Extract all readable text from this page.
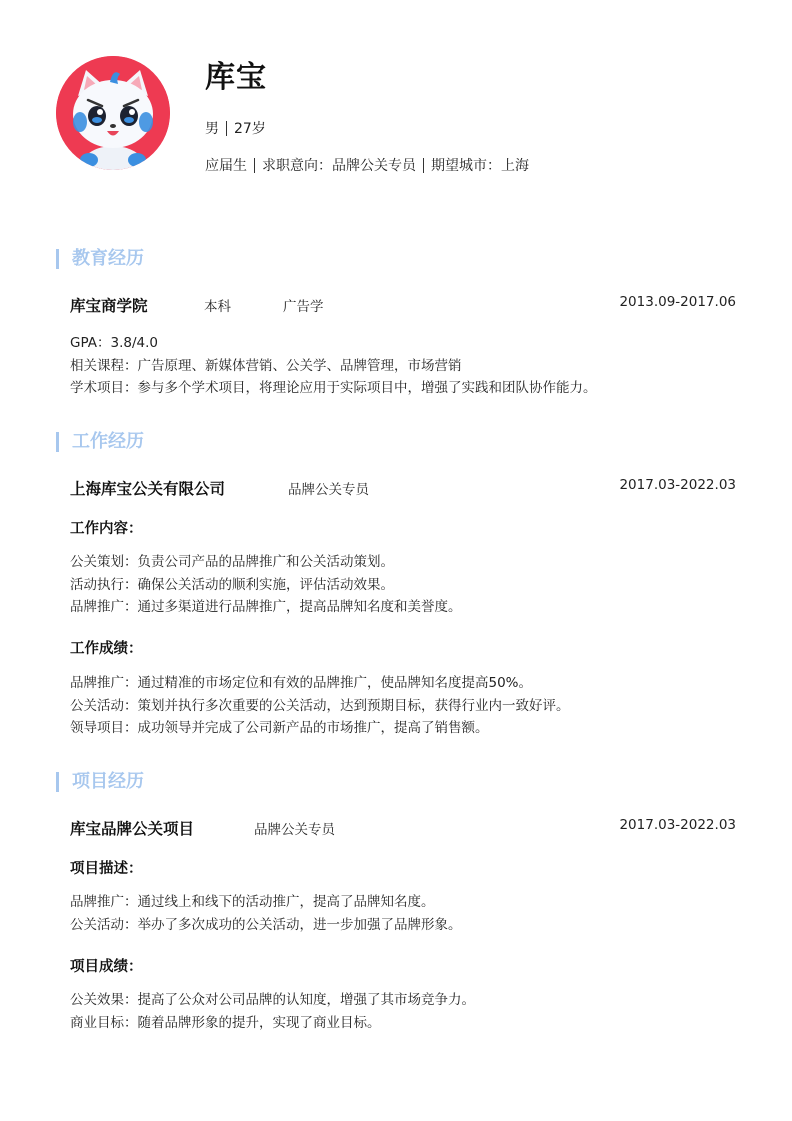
库宝
男 27岁
应届生 求职意向：品牌公关专员 期望城市：上海
教育经历
库宝商学院	本科	广告学	2013.09-2017.06
GPA：3.8/4.0
相关课程：广告原理、新媒体营销、公关学、品牌管理，市场营销
学术项目：参与多个学术项目，将理论应用于实际项目中，增强了实践和团队协作能力。
工作经历
上海库宝公关有限公司	品牌公关专员	2017.03-2022.03
工作内容：
公关策划：负责公司产品的品牌推广和公关活动策划。
活动执行：确保公关活动的顺利实施，评估活动效果。
品牌推广：通过多渠道进行品牌推广，提高品牌知名度和美誉度。
工作成绩：
品牌推广：通过精准的市场定位和有效的品牌推广，使品牌知名度提高50%。
公关活动：策划并执行多次重要的公关活动，达到预期目标，获得行业内一致好评。
领导项目：成功领导并完成了公司新产品的市场推广，提高了销售额。
项目经历
库宝品牌公关项目	品牌公关专员	2017.03-2022.03
项目描述：
品牌推广：通过线上和线下的活动推广，提高了品牌知名度。
公关活动：举办了多次成功的公关活动，进一步加强了品牌形象。
项目成绩：
公关效果：提高了公众对公司品牌的认知度，增强了其市场竞争力。
商业目标：随着品牌形象的提升，实现了商业目标。
